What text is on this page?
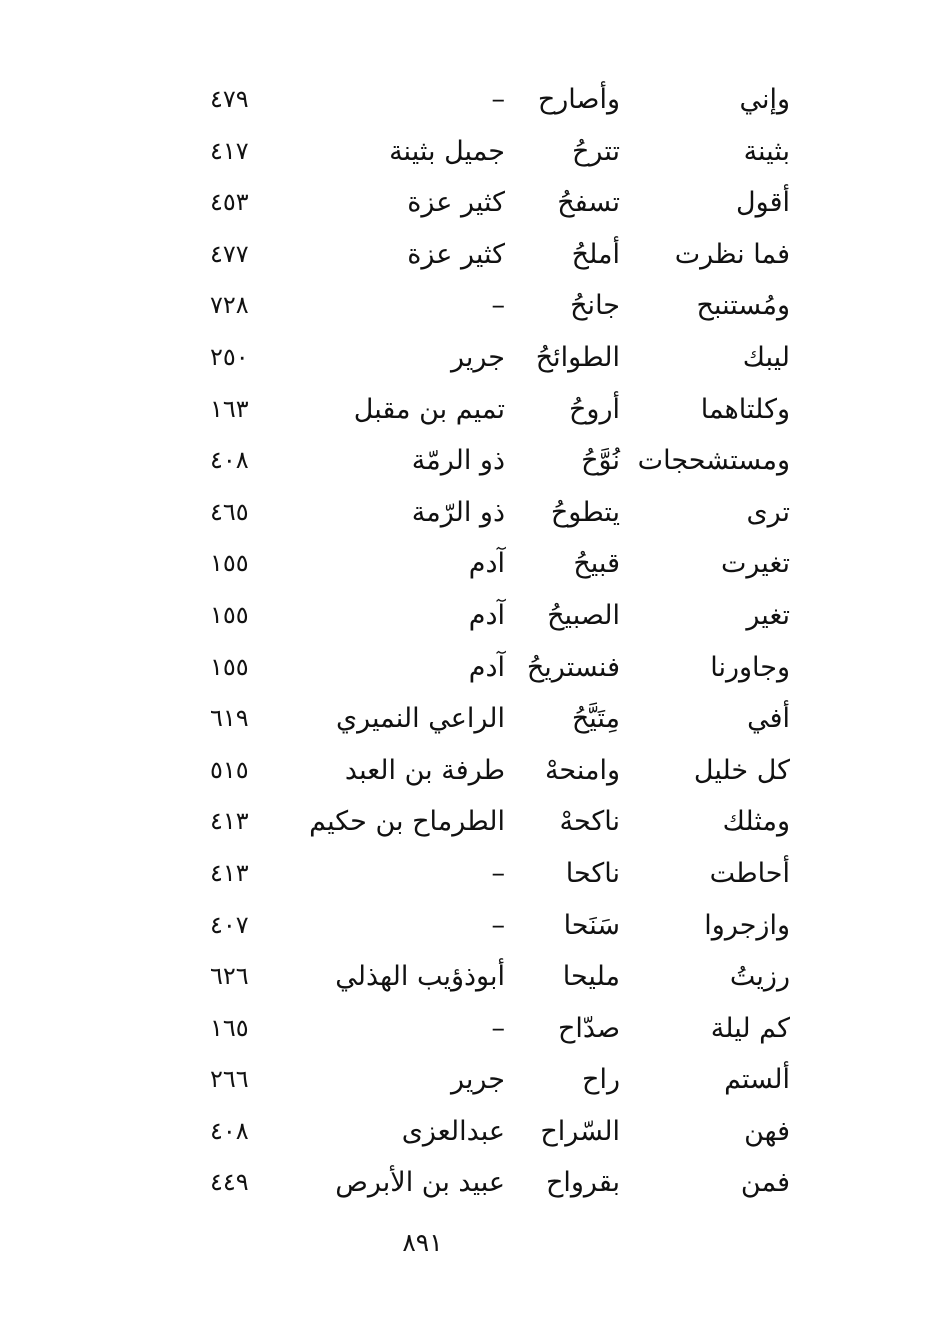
وإني
وأصارح
–
٤٧٩
بثينة
تترحُ
جميل بثينة
٤١٧
أقول
تسفحُ
كثير عزة
٤٥٣
فما نظرت
أملحُ
كثير عزة
٤٧٧
ومُستنبح
جانحُ
–
٧٢٨
ليبك
الطوائحُ
جرير
٢٥٠
وكلتاهما
أروحُ
تميم بن مقبل
١٦٣
ومستشحجات
نُوَّحُ
ذو الرمّة
٤٠٨
ترى
يتطوحُ
ذو الرّمة
٤٦٥
تغيرت
قبيحُ
آدم
١٥٥
تغير
الصبيحُ
آدم
١٥٥
وجاورنا
فنستريحُ
آدم
١٥٥
أفي
مِتَيَّحُ
الراعي النميري
٦١٩
كل خليل
وامنحهْ
طرفة بن العبد
٥١٥
ومثلك
ناكحهْ
الطرماح بن حكيم
٤١٣
أحاطت
ناكحا
–
٤١٣
وازجروا
سَنَحا
–
٤٠٧
رزيتُ
مليحا
أبوذؤيب الهذلي
٦٢٦
كم ليلة
صدّاح
–
١٦٥
ألستم
راح
جرير
٢٦٦
فهن
السّراح
عبدالعزى
٤٠٨
فمن
بقرواح
عبيد بن الأبرص
٤٤٩
٨٩١
